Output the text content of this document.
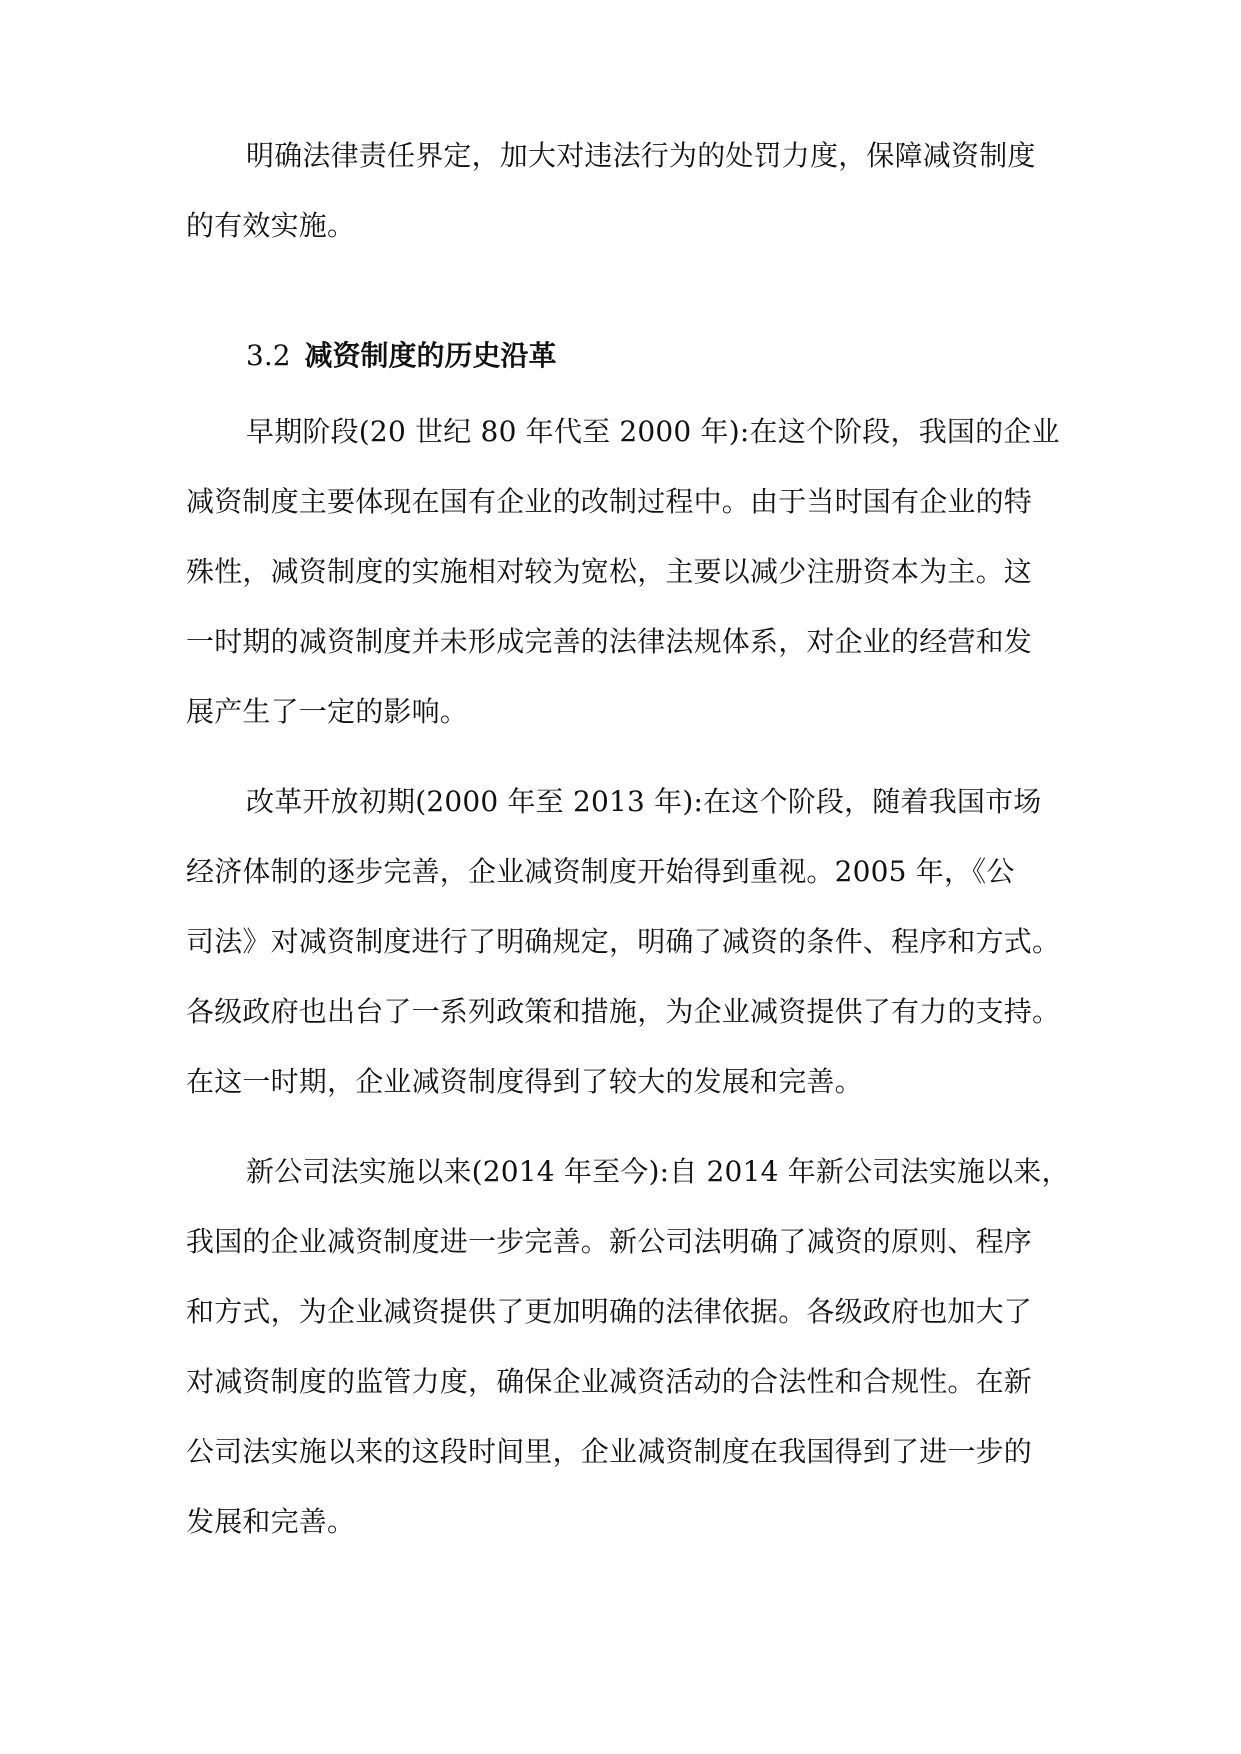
明确法律责任界定，加大对违法行为的处罚力度，保障减资制度
的有效实施。
3.2 减资制度的历史沿革
早期阶段(20 世纪 80 年代至 2000 年):在这个阶段，我国的企业
减资制度主要体现在国有企业的改制过程中。由于当时国有企业的特
殊性，减资制度的实施相对较为宽松，主要以减少注册资本为主。这
一时期的减资制度并未形成完善的法律法规体系，对企业的经营和发
展产生了一定的影响。
改革开放初期(2000 年至 2013 年):在这个阶段，随着我国市场
经济体制的逐步完善，企业减资制度开始得到重视。2005 年，《公
司法》对减资制度进行了明确规定，明确了减资的条件、程序和方式。
各级政府也出台了一系列政策和措施，为企业减资提供了有力的支持。
在这一时期，企业减资制度得到了较大的发展和完善。
新公司法实施以来(2014 年至今):自 2014 年新公司法实施以来，
我国的企业减资制度进一步完善。新公司法明确了减资的原则、程序
和方式，为企业减资提供了更加明确的法律依据。各级政府也加大了
对减资制度的监管力度，确保企业减资活动的合法性和合规性。在新
公司法实施以来的这段时间里，企业减资制度在我国得到了进一步的
发展和完善。
